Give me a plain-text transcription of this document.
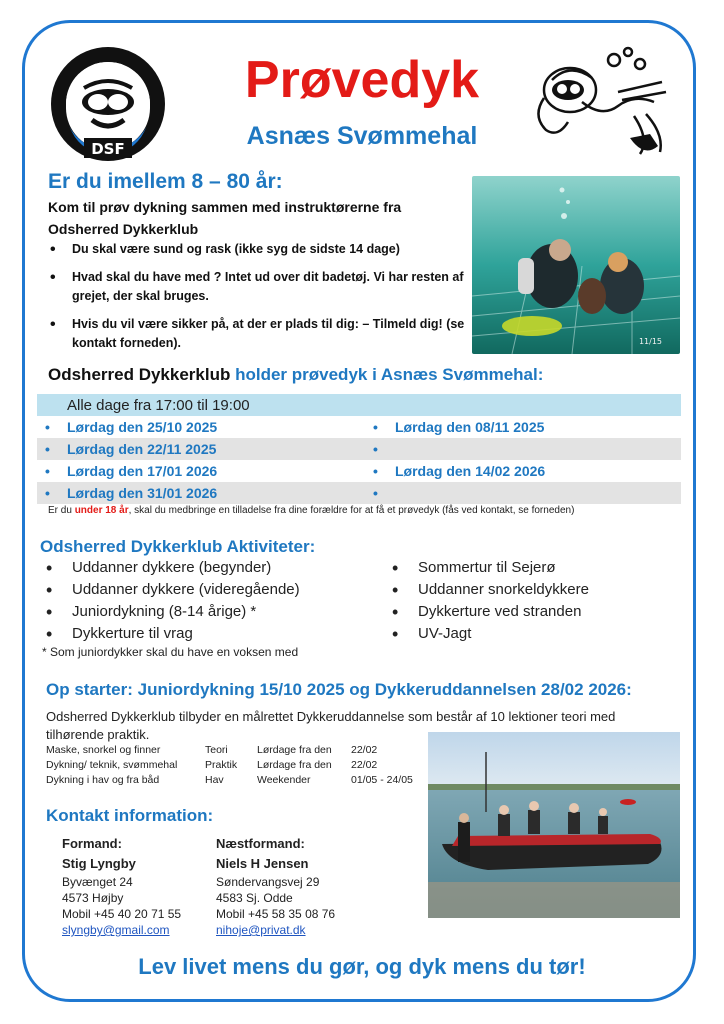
DSF
Prøvedyk
Asnæs Svømmehal
Er du imellem 8 – 80 år:
Kom til prøv dykning sammen med instruktørerne fra Odsherred Dykkerklub
• Du skal være sund og rask (ikke syg de sidste 14 dage)
• Hvad skal du have med ? Intet ud over dit badetøj. Vi har resten af grejet, der skal bruges.
• Hvis du vil være sikker på, at der er plads til dig: – Tilmeld dig! (se kontakt forneden).	11/15
Odsherred Dykkerklub holder prøvedyk i Asnæs Svømmehal:
Alle dage fra 17:00 til 19:00	
• Lørdag den 25/10 2025	• Lørdag den 08/11 2025
• Lørdag den 22/11 2025	•
• Lørdag den 17/01 2026	• Lørdag den 14/02 2026
• Lørdag den 31/01 2026	•
Er du under 18 år, skal du medbringe en tilladelse fra dine forældre for at få et prøvedyk (fås ved kontakt, se forneden)
Odsherred Dykkerklub Aktiviteter:
• Uddanner dykkere (begynder)
• Uddanner dykkere (videregående)
• Juniordykning (8-14 årige) *
• Dykkerture til vrag
• Sommertur til Sejerø
• Uddanner snorkeldykkere
• Dykkerture ved stranden
• UV-Jagt
* Som juniordykker skal du have en voksen med
Op starter: Juniordykning 15/10 2025 og Dykkeruddannelsen 28/02 2026:
Odsherred Dykkerklub tilbyder en målrettet Dykkeruddannelse som består af 10 lektioner teori med tilhørende praktik.
Maske, snorkel og finner	Teori	Lørdage fra den	22/02
Dykning/ teknik, svømmehal	Praktik	Lørdage fra den	22/02
Dykning i hav og fra båd	Hav	Weekender	01/05 - 24/05
Kontakt information:
Formand:
Stig Lyngby
Byvænget 24
4573 Højby
Mobil +45 40 20 71 55
slyngby@gmail.com
Næstformand:
Niels H Jensen
Søndervangsvej 29
4583 Sj. Odde
Mobil +45 58 35 08 76
nihoje@privat.dk
Lev livet mens du gør, og dyk mens du tør!
